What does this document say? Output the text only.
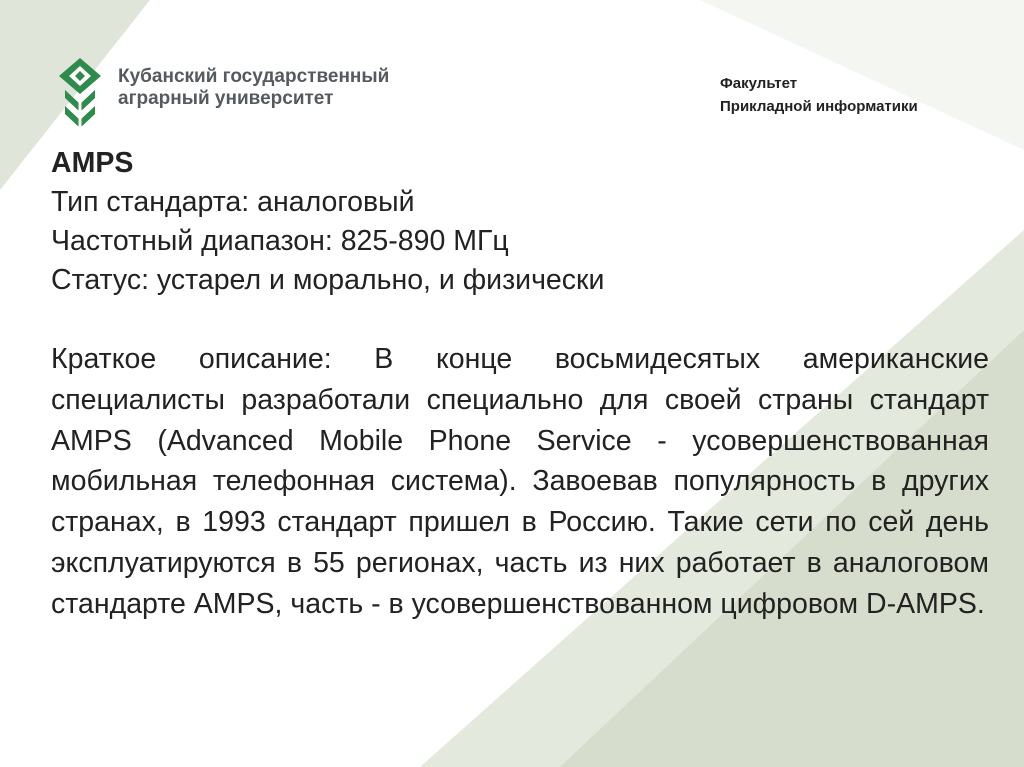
Кубанский государственный
аграрный университет
Факультет
Прикладной информатики
AMPS
Тип стандарта: аналоговый
Частотный диапазон: 825-890 МГц
Статус: устарел и морально, и физически
Краткое описание: В конце восьмидесятых американские специалисты разработали специально для своей страны стандарт AMPS (Advanced Mobile Phone Service - усовершенствованная мобильная телефонная система). Завоевав популярность в других странах, в 1993 стандарт пришел в Россию. Такие сети по сей день эксплуатируются в 55 регионах, часть из них работает в аналоговом стандарте AMPS, часть - в усовершенствованном цифровом D-AMPS.
